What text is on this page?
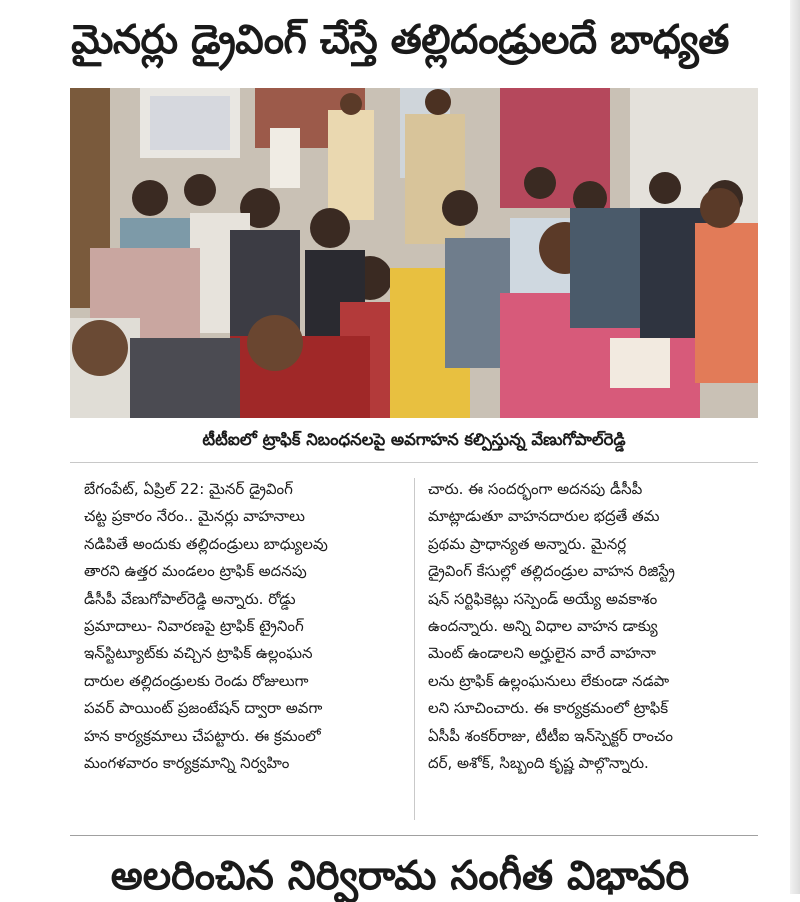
మైనర్లు డ్రైవింగ్ చేస్తే తల్లిదండ్రులదే బాధ్యత
టీటీఐలో ట్రాఫిక్ నిబంధనలపై అవగాహన కల్పిస్తున్న వేణుగోపాల్‌రెడ్డి
బేగంపేట్, ఏప్రిల్ 22: మైనర్ డ్రైవింగ్
చట్ట ప్రకారం నేరం.. మైనర్లు వాహనాలు
నడిపితే అందుకు తల్లిదండ్రులు బాధ్యులవు
తారని ఉత్తర మండలం ట్రాఫిక్ అదనపు
డీసీపీ వేణుగోపాల్‌రెడ్డి అన్నారు. రోడ్డు
ప్రమాదాలు- నివారణపై ట్రాఫిక్ ట్రైనింగ్
ఇన్‌స్టిట్యూట్‌కు వచ్చిన ట్రాఫిక్ ఉల్లంఘన
దారుల తల్లిదండ్రులకు రెండు రోజులుగా
పవర్ పాయింట్ ప్రజంటేషన్ ద్వారా అవగా
హన కార్యక్రమాలు చేపట్టారు. ఈ క్రమంలో
మంగళవారం కార్యక్రమాన్ని నిర్వహిం
చారు. ఈ సందర్భంగా అదనపు డీసీపీ
మాట్లాడుతూ వాహనదారుల భద్రతే తమ
ప్రథమ ప్రాధాన్యత అన్నారు. మైనర్ల
డ్రైవింగ్ కేసుల్లో తల్లిదండ్రుల వాహన రిజిస్ట్రే
షన్ సర్టిఫికెట్లు సస్పెండ్ అయ్యే అవకాశం
ఉందన్నారు. అన్ని విధాల వాహన డాక్యు
మెంట్ ఉండాలని అర్హులైన వారే వాహనా
లను ట్రాఫిక్ ఉల్లంఘనులు లేకుండా నడపా
లని సూచించారు. ఈ కార్యక్రమంలో ట్రాఫిక్
ఏసీపీ శంకర్‌రాజు, టీటీఐ ఇన్‌స్పెక్టర్ రాంచం
దర్, అశోక్, సిబ్బంది కృష్ణ పాల్గొన్నారు.
అలరించిన నిర్విరామ సంగీత విభావరి
